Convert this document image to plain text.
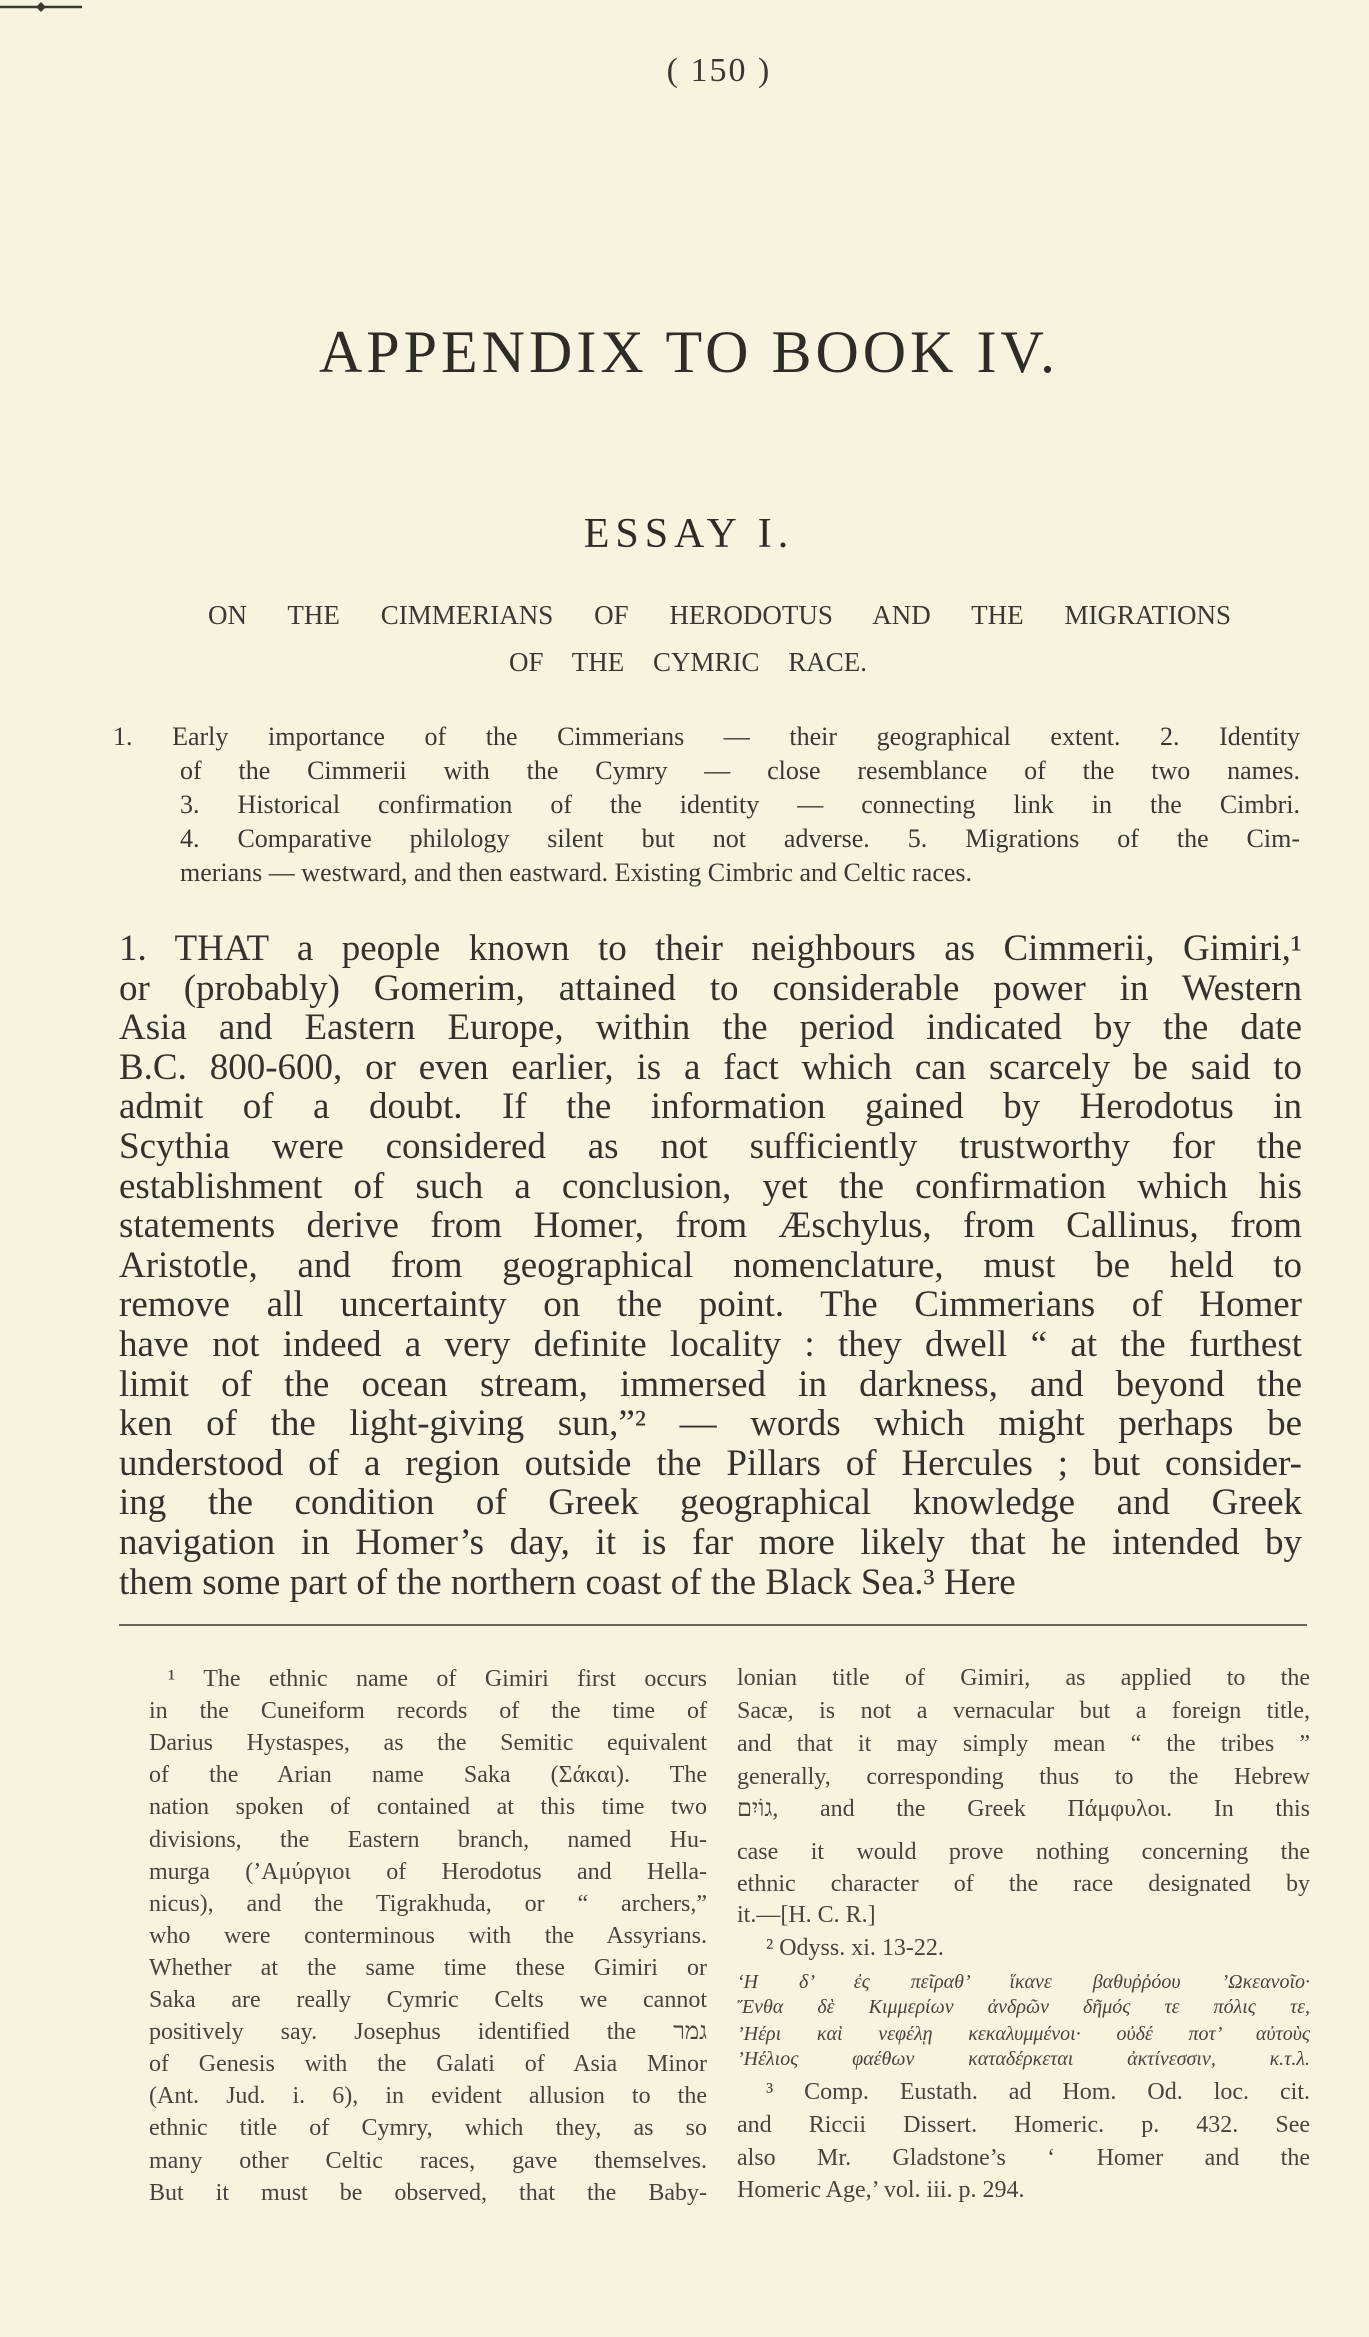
( 150 )
APPENDIX TO BOOK IV.
ESSAY I.
ON THE CIMMERIANS OF HERODOTUS AND THE MIGRATIONS
OF THE CYMRIC RACE.
1. Early importance of the Cimmerians — their geographical extent. 2. Identity
of the Cimmerii with the Cymry — close resemblance of the two names.
3. Historical confirmation of the identity — connecting link in the Cimbri.
4. Comparative philology silent but not adverse. 5. Migrations of the Cim-
merians — westward, and then eastward. Existing Cimbric and Celtic races.
1. THAT a people known to their neighbours as Cimmerii, Gimiri,¹
or (probably) Gomerim, attained to considerable power in Western
Asia and Eastern Europe, within the period indicated by the date
B.C. 800-600, or even earlier, is a fact which can scarcely be said to
admit of a doubt. If the information gained by Herodotus in
Scythia were considered as not sufficiently trustworthy for the
establishment of such a conclusion, yet the confirmation which his
statements derive from Homer, from Æschylus, from Callinus, from
Aristotle, and from geographical nomenclature, must be held to
remove all uncertainty on the point. The Cimmerians of Homer
have not indeed a very definite locality : they dwell “ at the furthest
limit of the ocean stream, immersed in darkness, and beyond the
ken of the light-giving sun,”² — words which might perhaps be
understood of a region outside the Pillars of Hercules ; but consider-
ing the condition of Greek geographical knowledge and Greek
navigation in Homer’s day, it is far more likely that he intended by
them some part of the northern coast of the Black Sea.³ Here
¹ The ethnic name of Gimiri first occurs
in the Cuneiform records of the time of
Darius Hystaspes, as the Semitic equivalent
of the Arian name Saka (Σάκαι). The
nation spoken of contained at this time two
divisions, the Eastern branch, named Hu-
murga (’Αμύργιοι of Herodotus and Hella-
nicus), and the Tigrakhuda, or “ archers,”
who were conterminous with the Assyrians.
Whether at the same time these Gimiri or
Saka are really Cymric Celts we cannot
positively say. Josephus identified the גמר
of Genesis with the Galati of Asia Minor
(Ant. Jud. i. 6), in evident allusion to the
ethnic title of Cymry, which they, as so
many other Celtic races, gave themselves.
But it must be observed, that the Baby-
lonian title of Gimiri, as applied to the
Sacæ, is not a vernacular but a foreign title,
and that it may simply mean “ the tribes ”
generally, corresponding thus to the Hebrew
גוֹיִם, and the Greek Πάμφυλοι. In this
case it would prove nothing concerning the
ethnic character of the race designated by
it.—[H. C. R.]
² Odyss. xi. 13-22.
‘Η δ’ ἐς πεῖραθ’ ἵκανε βαθυῤῥόου ’Ωκεανοῖο·
Ἔνθα δὲ Κιμμερίων ἀνδρῶν δῆμός τε πόλις τε,
’Ηέρι καὶ νεφέλῃ κεκαλυμμένοι· οὐδέ ποτ’ αὐτοὺς
’Ηέλιος φαέθων καταδέρκεται ἀκτίνεσσιν, κ.τ.λ.
³ Comp. Eustath. ad Hom. Od. loc. cit.
and Riccii Dissert. Homeric. p. 432. See
also Mr. Gladstone’s ‘ Homer and the
Homeric Age,’ vol. iii. p. 294.
